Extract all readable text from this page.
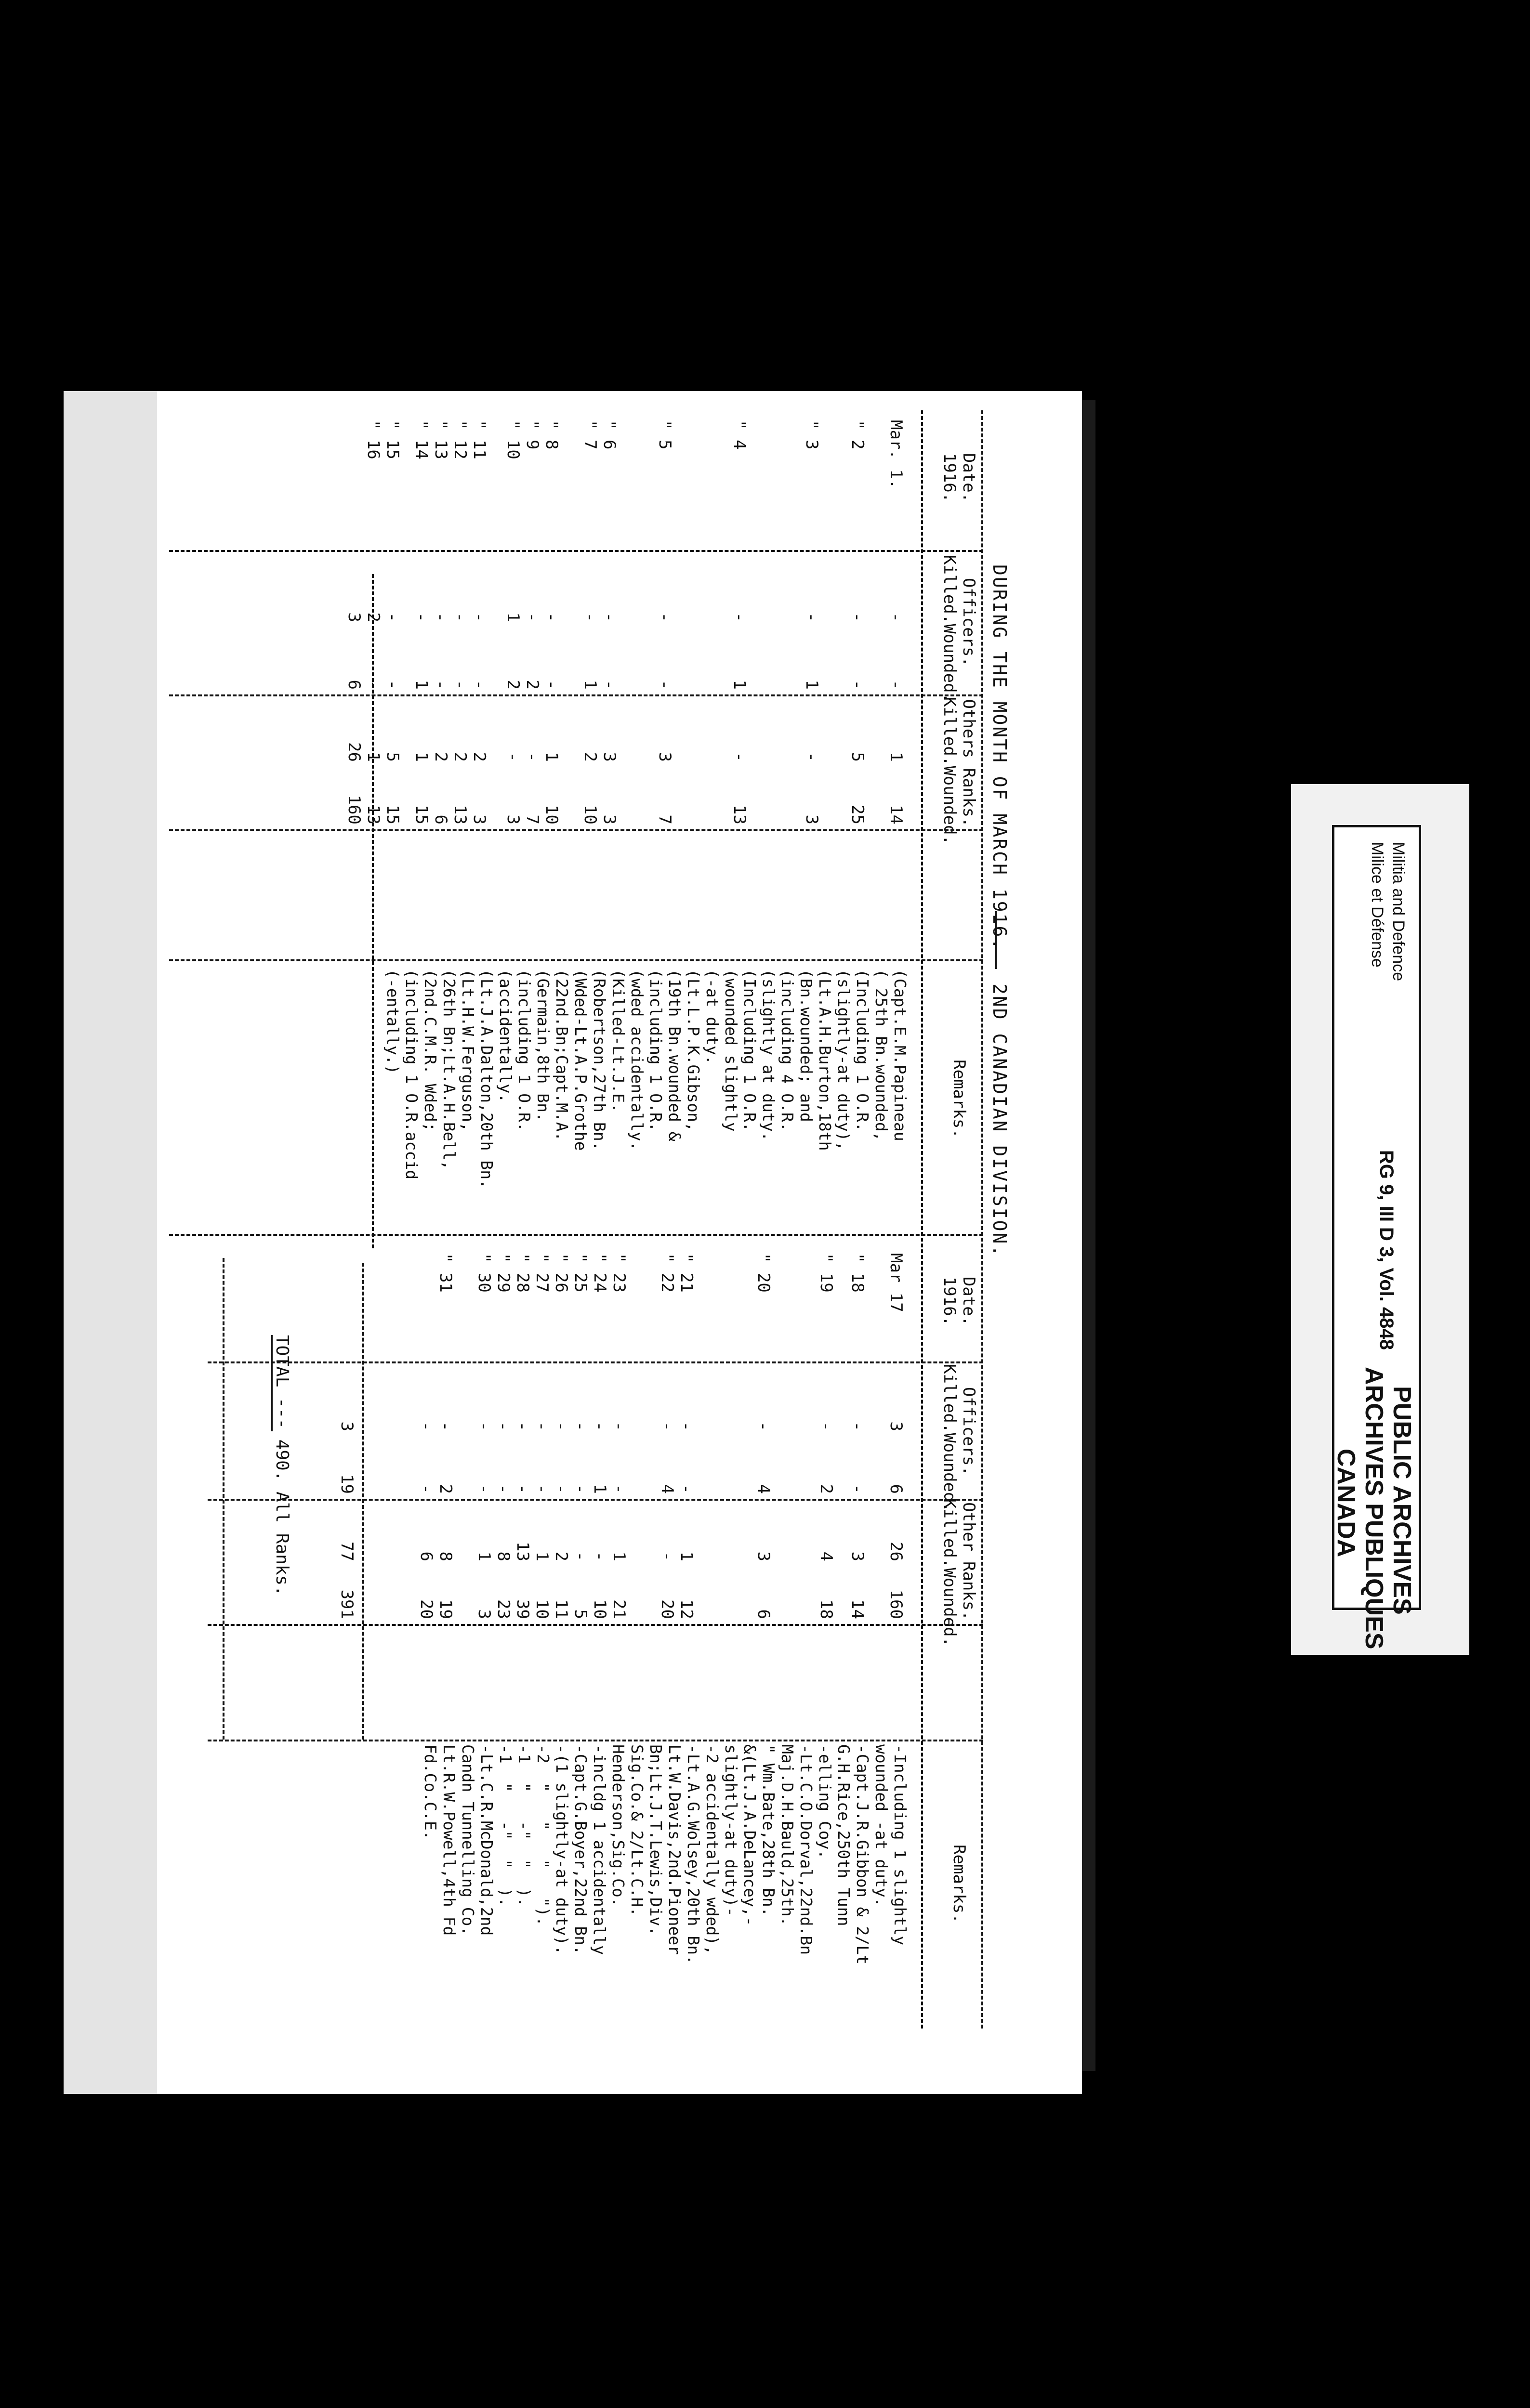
DURING THE MONTH OF MARCH 1916.
2ND CANADIAN DIVISION.
Date.
1916.
Officers.
Killed.Wounded.
Others Ranks.
Killed.Wounded.
Remarks.
Date.
1916.
Officers.
Killed.Wounded.
Other Ranks.
Killed.Wounded.
Remarks.
Mar. 1.
-
-
1
14
" 2
-
-
5
25
" 3
-
1
-
3
" 4
-
1
-
13
" 5
-
-
3
7
" 6
-
-
3
3
" 7
-
1
2
10
" 8
-
-
1
10
" 9
-
2
-
7
" 10
1
2
-
3
" 11
-
-
2
3
" 12
-
-
2
13
" 13
-
-
2
6
" 14
-
1
1
15
" 15
-
-
5
15
" 16
2
-
1
13
Mar 17
3
6
26
160
" 18
-
-
3
14
" 19
-
2
4
18
" 20
-
4
3
6
" 21
-
-
1
12
" 22
-
4
-
20
" 23
-
-
1
21
" 24
-
1
-
10
" 25
-
-
-
5
" 26
-
-
2
11
" 27
-
-
1
10
" 28
-
-
13
39
" 29
-
-
8
23
" 30
-
-
1
3
" 31
-
2
8
19
-
-
6
20
(Capt.E.M.Papineau
( 25th Bn.wounded,
(Including 1 O.R.
(slightly-at duty),
(Lt.A.H.Burton,18th
(Bn.wounded; and
(including 4 O.R.
(slightly at duty.
(Including 1 O.R.
(wounded slightly
(-at duty.
(Lt.L.P.K.Gibson,
(19th Bn.wounded &
(including 1 O.R.
(wded accidentally.
(Killed-Lt.J.E.
(Robertson,27th Bn.
(Wded-Lt.A.P.Grothe
(22nd.Bn;Capt.M.A.
(Germain,8th Bn.
(including 1 O.R.
(accidentally.
(Lt.J.A.Dalton,20th Bn.
(Lt.H.W.Ferguson,
(26th Bn;Lt.A.H.Bell,
(2nd.C.M.R. Wded;
(including 1 O.R.accid
(-entally.)
-Including 1 slightly
wounded -at duty.
-Capt.J.R.Gibbon & 2/Lt
G.H.Rice,250th Tunn
-elling Coy.
-Lt.C.O.Dorval,22nd.Bn
Maj.D.H.Bauld,25th.
" Wm.Bate,28th Bn.
&(Lt.J.A.DeLancey,-
slightly-at duty)-
-2 accidentally wded),
-Lt.A.G.Wolsey,20th Bn.
Lt.W.Davis,2nd.Pioneer
Bn;Lt.J.T.Lewis,Div.
Sig.Co.& 2/Lt.C.H.
Henderson,Sig.Co.
-incldg 1 accidentally
-Capt.G.Boyer,22nd Bn.
-(1 slightly-at duty).
-2  "   "   "   ").
-1  "   -"  "  ).
-1  "   -"  "  ).
-Lt.C.R.McDonald,2nd
Candn Tunnelling Co.
Lt.R.W.Powell,4th Fd
Fd.Co.C.E.
3
6
26
160
3
19
77
391
TOTAL --- 490. All Ranks.
Militia and Defence
Milice et Défense
RG 9, III D 3, Vol. 4848
PUBLIC ARCHIVES
ARCHIVES PUBLIQUES
CANADA
